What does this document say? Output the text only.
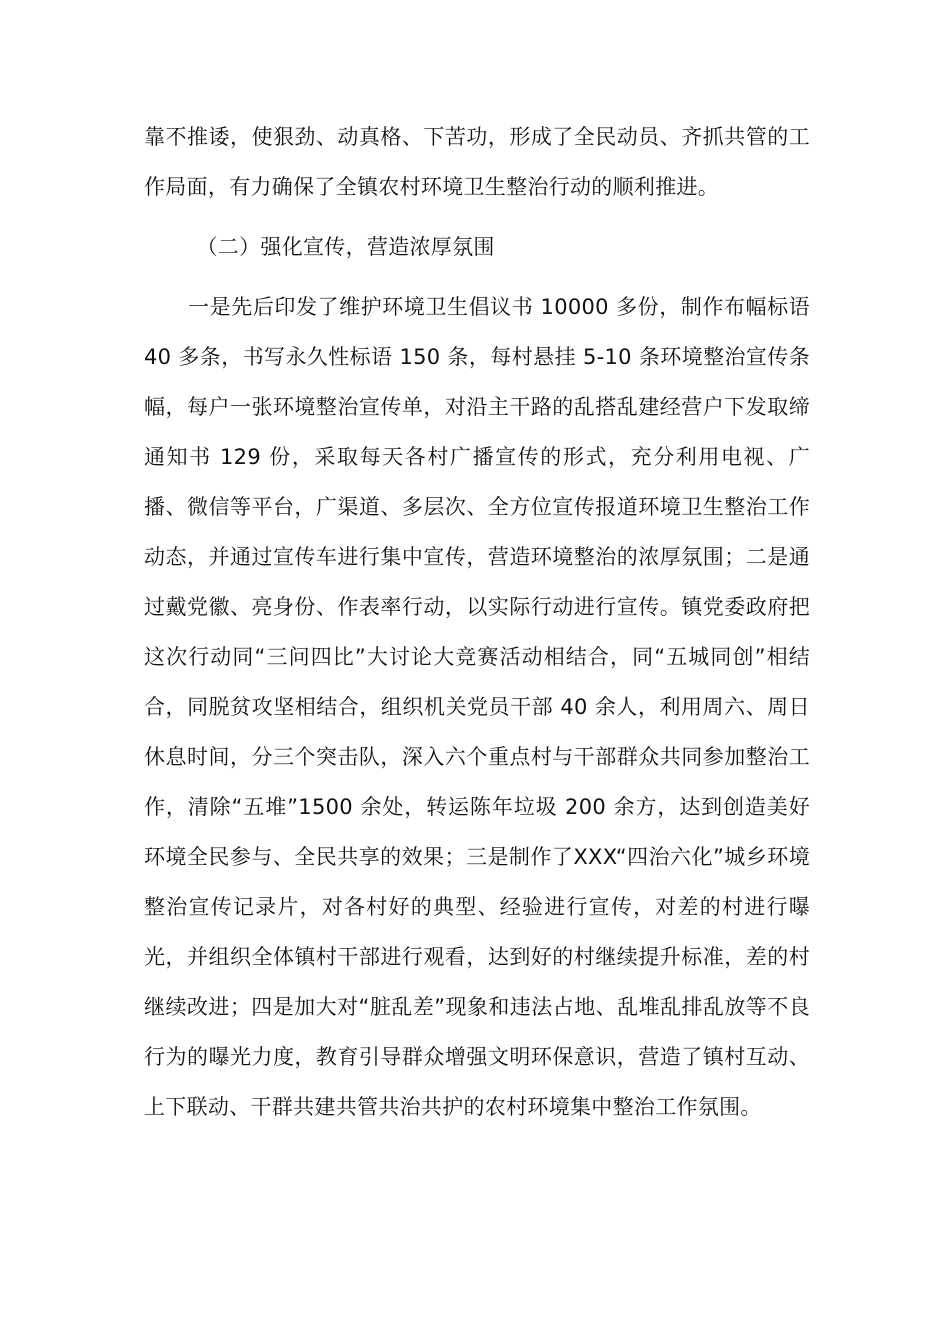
靠不推诿，使狠劲、动真格、下苦功，形成了全民动员、齐抓共管的工作局面，有力确保了全镇农村环境卫生整治行动的顺利推进。

（二）强化宣传，营造浓厚氛围

一是先后印发了维护环境卫生倡议书 10000 多份，制作布幅标语 40 多条，书写永久性标语 150 条，每村悬挂 5-10 条环境整治宣传条幅，每户一张环境整治宣传单，对沿主干路的乱搭乱建经营户下发取缔通知书 129 份，采取每天各村广播宣传的形式，充分利用电视、广播、微信等平台，广渠道、多层次、全方位宣传报道环境卫生整治工作动态，并通过宣传车进行集中宣传，营造环境整治的浓厚氛围；二是通过戴党徽、亮身份、作表率行动，以实际行动进行宣传。镇党委政府把这次行动同“三问四比”大讨论大竞赛活动相结合，同“五城同创”相结合，同脱贫攻坚相结合，组织机关党员干部 40 余人，利用周六、周日休息时间，分三个突击队，深入六个重点村与干部群众共同参加整治工作，清除“五堆”1500 余处，转运陈年垃圾 200 余方，达到创造美好环境全民参与、全民共享的效果；三是制作了XXX“四治六化”城乡环境整治宣传记录片，对各村好的典型、经验进行宣传，对差的村进行曝光，并组织全体镇村干部进行观看，达到好的村继续提升标准，差的村继续改进；四是加大对“脏乱差”现象和违法占地、乱堆乱排乱放等不良行为的曝光力度，教育引导群众增强文明环保意识，营造了镇村互动、上下联动、干群共建共管共治共护的农村环境集中整治工作氛围。
